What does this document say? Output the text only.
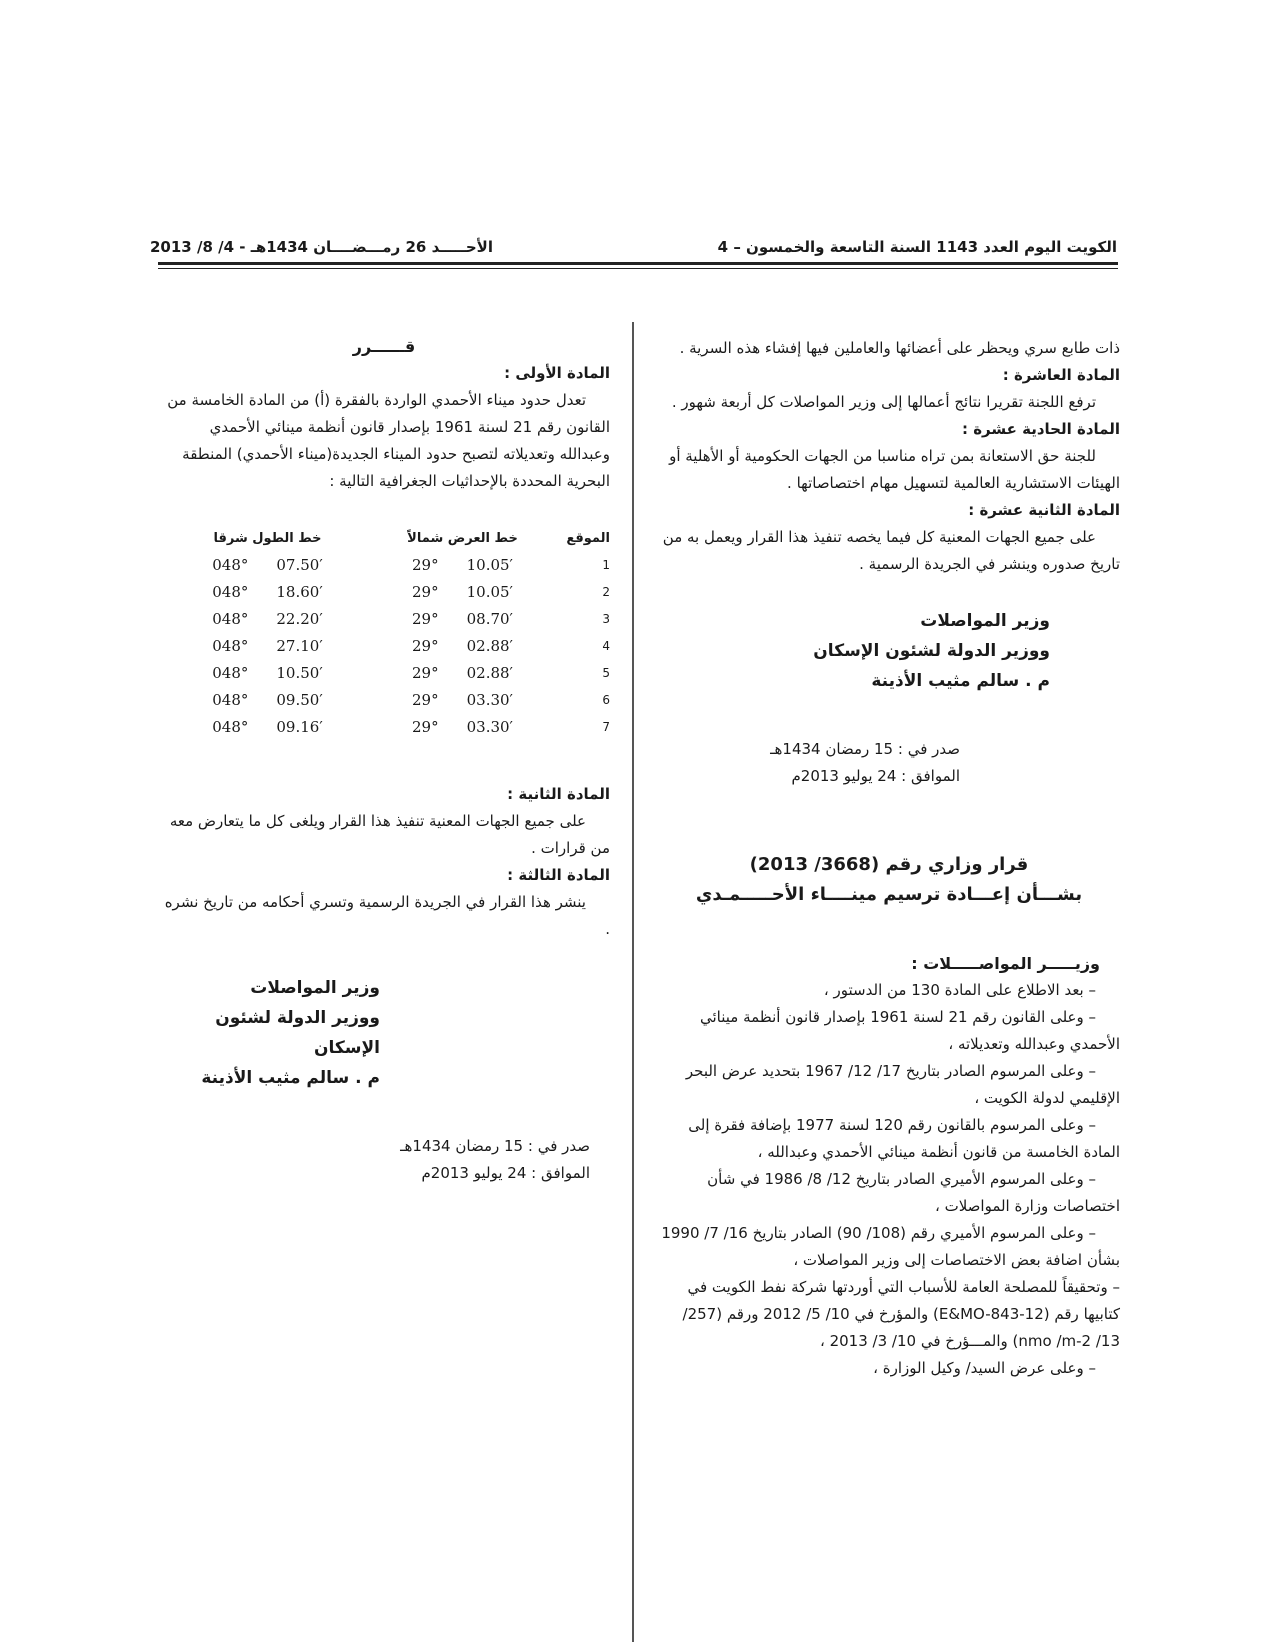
الكويت اليوم العدد 1143 السنة التاسعة والخمسون – 4
الأحـــــد 26 رمـــضــــان 1434هـ - 4/ 8/ 2013

ذات طابع سري ويحظر على أعضائها والعاملين فيها إفشاء هذه السرية .

المادة العاشرة :

ترفع اللجنة تقريرا نتائج أعمالها إلى وزير المواصلات كل أربعة شهور .

المادة الحادية عشرة :

للجنة حق الاستعانة بمن تراه مناسبا من الجهات الحكومية أو الأهلية أو الهيئات الاستشارية العالمية لتسهيل مهام اختصاصاتها .

المادة الثانية عشرة :

على جميع الجهات المعنية كل فيما يخصه تنفيذ هذا القرار ويعمل به من تاريخ صدوره وينشر في الجريدة الرسمية .

وزير المواصلات
ووزير الدولة لشئون الإسكان
م . سالم مثيب الأذينة
صدر في : 15 رمضان 1434هـ
الموافق : 24 يوليو 2013م
قرار وزاري رقم (3668/ 2013)
بشـــأن إعـــادة ترسيم مينــــاء الأحـــــمـدي
وزيـــــر المواصـــــلات :

– بعد الاطلاع على المادة 130 من الدستور ،

– وعلى القانون رقم 21 لسنة 1961 بإصدار قانون أنظمة مينائي الأحمدي وعبدالله وتعديلاته ،

– وعلى المرسوم الصادر بتاريخ 17/ 12/ 1967 بتحديد عرض البحر الإقليمي لدولة الكويت ،

– وعلى المرسوم بالقانون رقم 120 لسنة 1977 بإضافة فقرة إلى المادة الخامسة من قانون أنظمة مينائي الأحمدي وعبدالله ،

– وعلى المرسوم الأميري الصادر بتاريخ 12/ 8/ 1986 في شأن اختصاصات وزارة المواصلات ،

– وعلى المرسوم الأميري رقم (108/ 90) الصادر بتاريخ 16/ 7/ 1990 بشأن اضافة بعض الاختصاصات إلى وزير المواصلات ،

– وتحقيقاً للمصلحة العامة للأسباب التي أوردتها شركة نفط الكويت في كتابيها رقم (E&MO-843-12) والمؤرخ في 10/ 5/ 2012 ورقم (257/ 13/ nmo /m-2) والمـــؤرخ في 10/ 3/ 2013 ،

– وعلى عرض السيد/ وكيل الوزارة ،

قــــــرر
المادة الأولى :

تعدل حدود ميناء الأحمدي الواردة بالفقرة (أ) من المادة الخامسة من القانون رقم 21 لسنة 1961 بإصدار قانون أنظمة مينائي الأحمدي وعبدالله وتعديلاته لتصبح حدود الميناء الجديدة(ميناء الأحمدي) المنطقة البحرية المحددة بالإحداثيات الجغرافية التالية :

الموقع	خط العرض شمالاً	خط الطول شرقا
1	29° 10.05′	048° 07.50′
2	29° 10.05′	048° 18.60′
3	29° 08.70′	048° 22.20′
4	29° 02.88′	048° 27.10′
5	29° 02.88′	048° 10.50′
6	29° 03.30′	048° 09.50′
7	29° 03.30′	048° 09.16′
المادة الثانية :

على جميع الجهات المعنية تنفيذ هذا القرار ويلغى كل ما يتعارض معه من قرارات .

المادة الثالثة :

ينشر هذا القرار في الجريدة الرسمية وتسري أحكامه من تاريخ نشره .

وزير المواصلات
ووزير الدولة لشئون الإسكان
م . سالم مثيب الأذينة
صدر في : 15 رمضان 1434هـ
الموافق : 24 يوليو 2013م
